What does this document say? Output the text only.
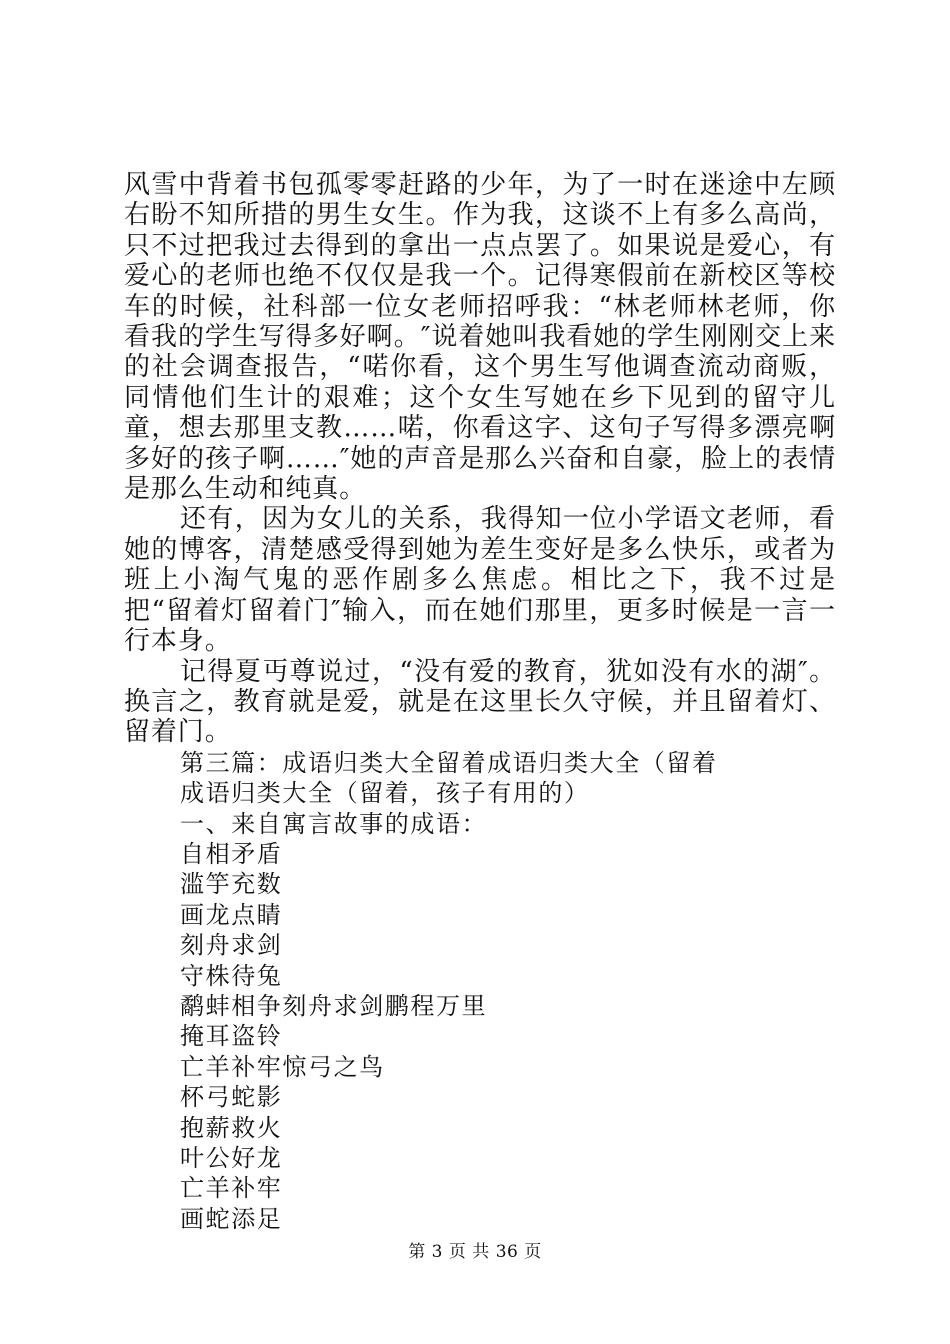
风雪中背着书包孤零零赶路的少年，为了一时在迷途中左顾右盼不知所措的男生女生。作为我，这谈不上有多么高尚，只不过把我过去得到的拿出一点点罢了。如果说是爱心，有爱心的老师也绝不仅仅是我一个。记得寒假前在新校区等校车的时候，社科部一位女老师招呼我：“林老师林老师，你看我的学生写得多好啊。″说着她叫我看她的学生刚刚交上来的社会调查报告，“喏你看，这个男生写他调查流动商贩，同情他们生计的艰难；这个女生写她在乡下见到的留守儿童，想去那里支教……喏，你看这字、这句子写得多漂亮啊多好的孩子啊……″她的声音是那么兴奋和自豪，脸上的表情是那么生动和纯真。

还有，因为女儿的关系，我得知一位小学语文老师，看她的博客，清楚感受得到她为差生变好是多么快乐，或者为班上小淘气鬼的恶作剧多么焦虑。相比之下，我不过是把“留着灯留着门″输入，而在她们那里，更多时候是一言一行本身。

记得夏丏尊说过，“没有爱的教育，犹如没有水的湖″。换言之，教育就是爱，就是在这里长久守候，并且留着灯、留着门。

第三篇：成语归类大全留着成语归类大全（留着

成语归类大全（留着，孩子有用的）

一、来自寓言故事的成语：

自相矛盾

滥竽充数

画龙点睛

刻舟求剑

守株待兔

鹬蚌相争刻舟求剑鹏程万里

掩耳盗铃

亡羊补牢惊弓之鸟

杯弓蛇影

抱薪救火

叶公好龙

亡羊补牢

画蛇添足

第 3 页 共 36 页
